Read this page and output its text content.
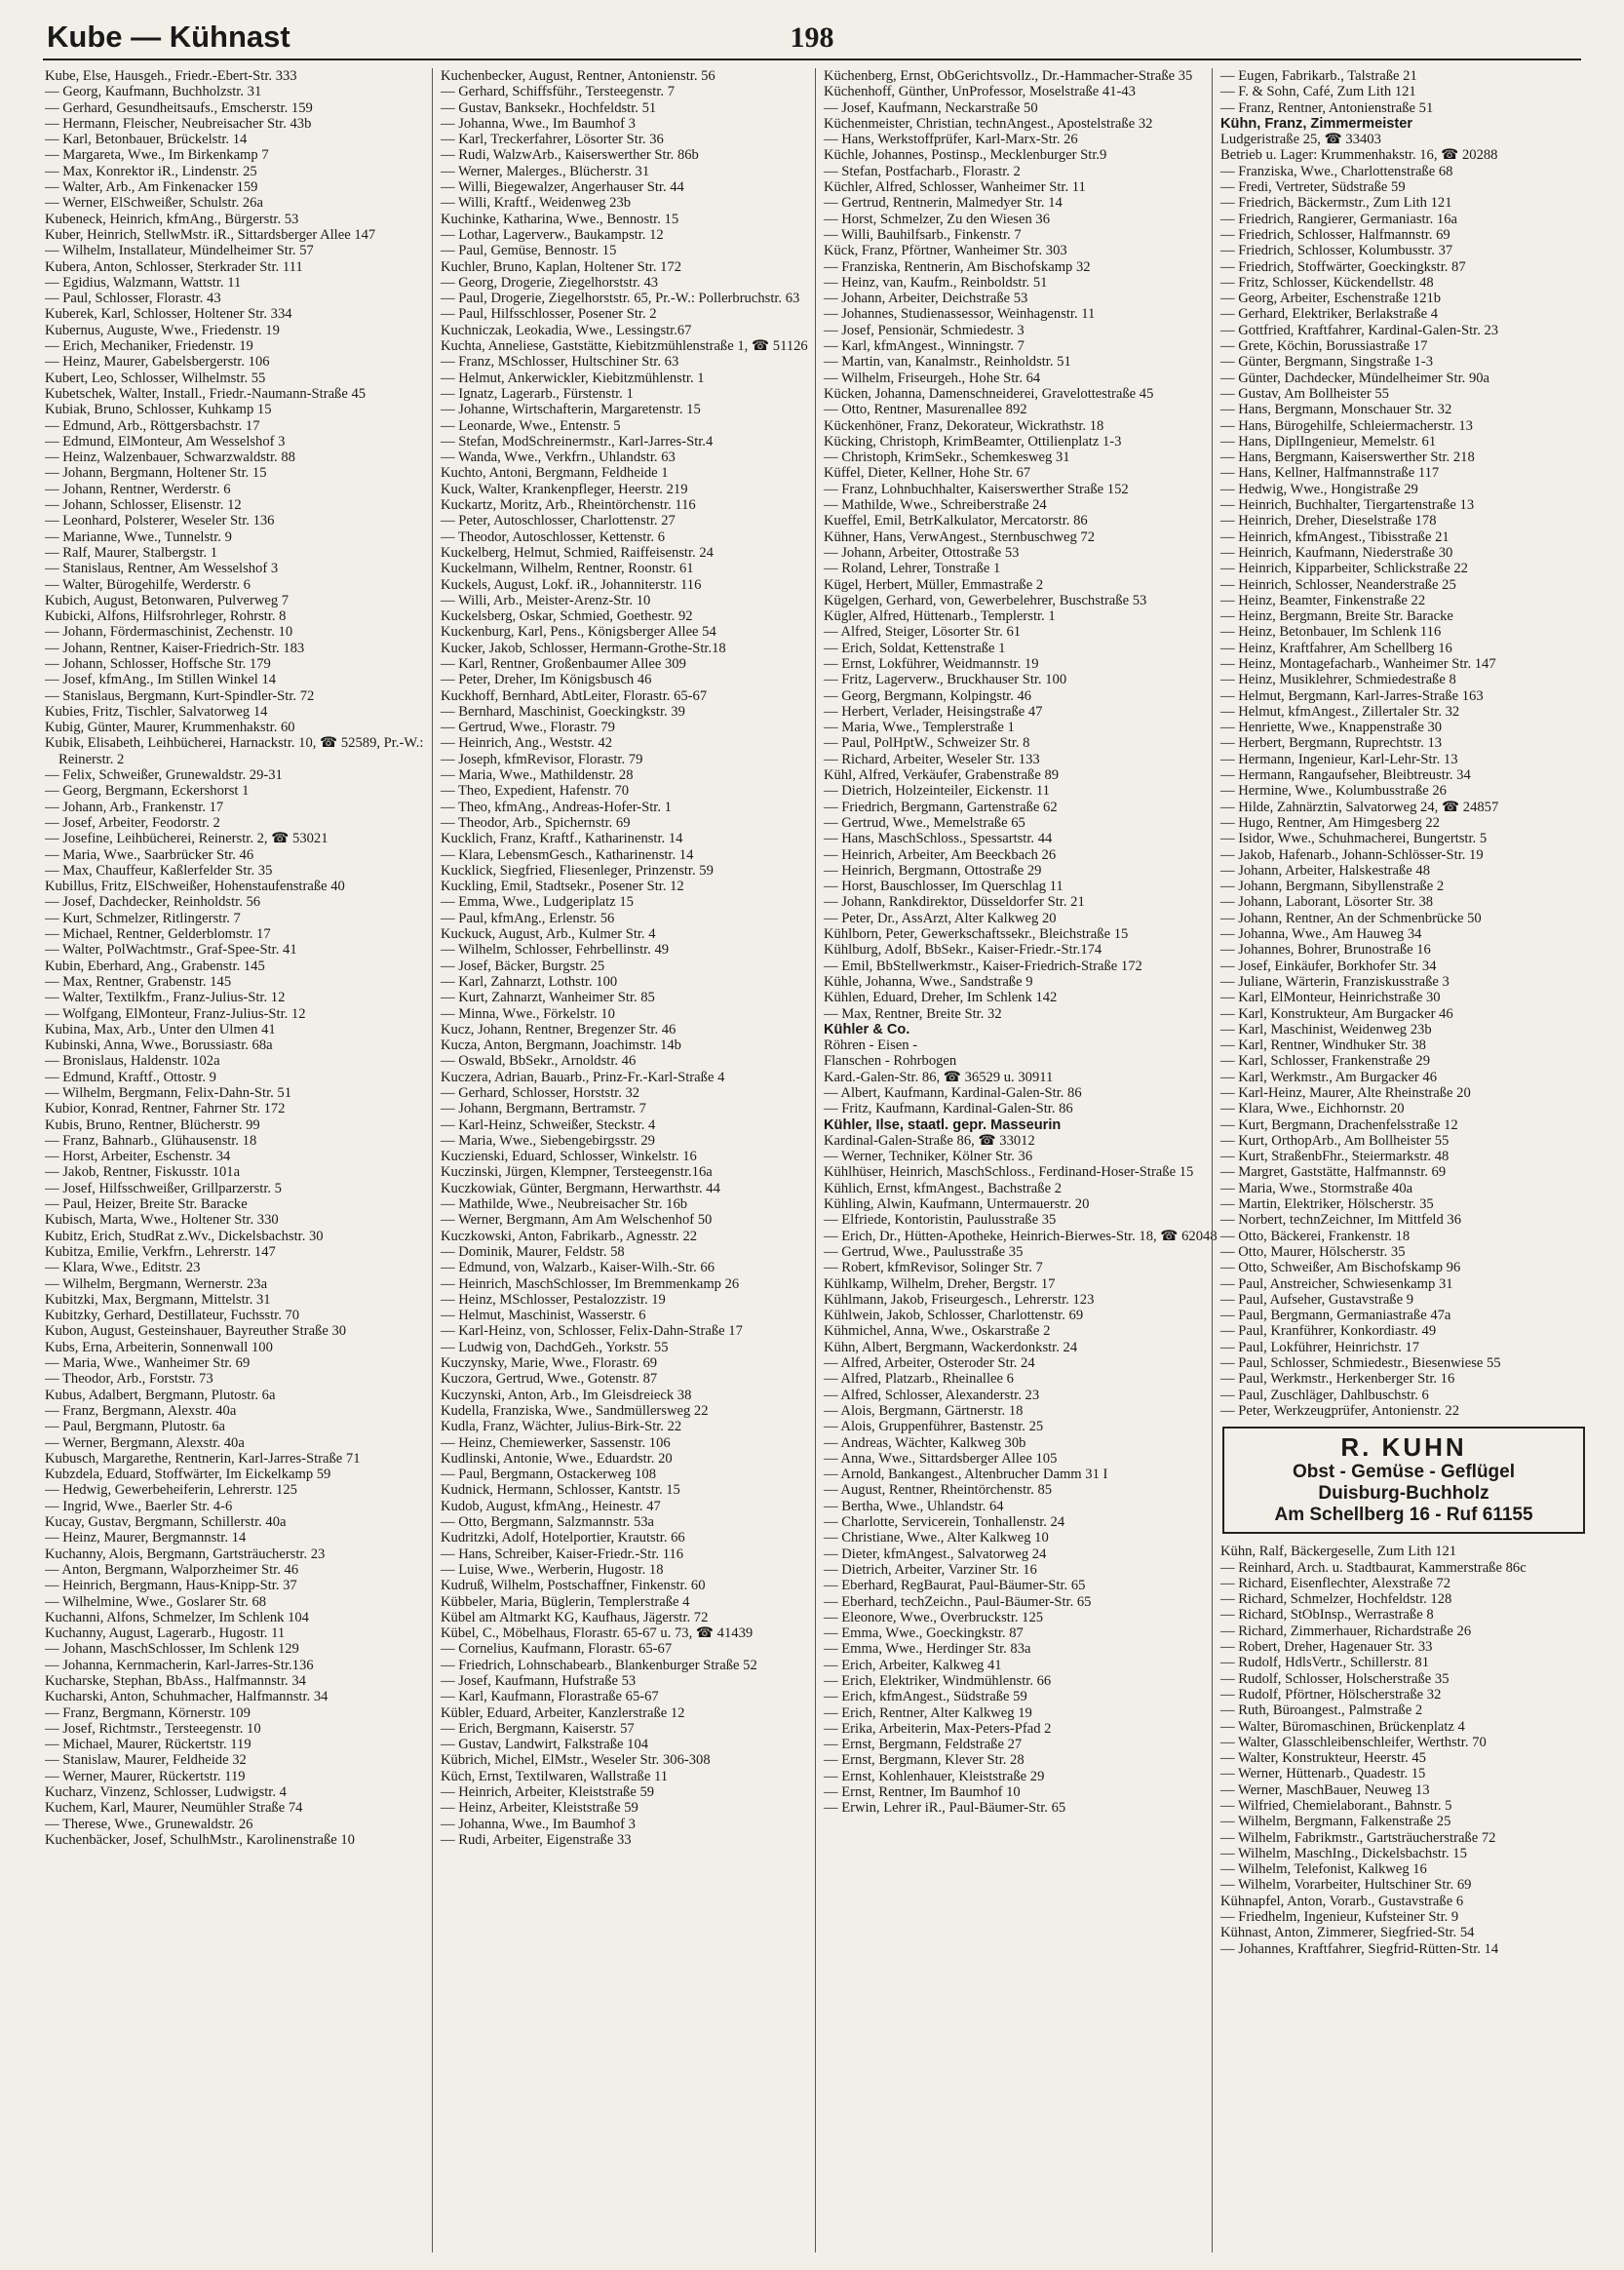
Kube — Kühnast	198
Kube, Else, Hausgeh., Friedr.-Ebert-Str. 333
— Georg, Kaufmann, Buchholzstr. 31
— Gerhard, Gesundheitsaufs., Emscherstr. 159
— Hermann, Fleischer, Neubreisacher Str. 43b
— Karl, Betonbauer, Brückelstr. 14
— Margareta, Wwe., Im Birkenkamp 7
— Max, Konrektor iR., Lindenstr. 25
— Walter, Arb., Am Finkenacker 159
— Werner, ElSchweißer, Schulstr. 26a
Kubeneck, Heinrich, kfmAng., Bürgerstr. 53
Kuber, Heinrich, StellwMstr. iR., Sittardsberger Allee 147
— Wilhelm, Installateur, Mündelheimer Str. 57
Kubera, Anton, Schlosser, Sterkrader Str. 111
— Egidius, Walzmann, Wattstr. 11
— Paul, Schlosser, Florastr. 43
Kuberek, Karl, Schlosser, Holtener Str. 334
Kubernus, Auguste, Wwe., Friedenstr. 19
— Erich, Mechaniker, Friedenstr. 19
— Heinz, Maurer, Gabelsbergerstr. 106
Kubert, Leo, Schlosser, Wilhelmstr. 55
Kubetschek, Walter, Install., Friedr.-Naumann-Straße 45
Kubiak, Bruno, Schlosser, Kuhkamp 15
— Edmund, Arb., Röttgersbachstr. 17
— Edmund, ElMonteur, Am Wesselshof 3
— Heinz, Walzenbauer, Schwarzwaldstr. 88
— Johann, Bergmann, Holtener Str. 15
— Johann, Rentner, Werderstr. 6
— Johann, Schlosser, Elisenstr. 12
— Leonhard, Polsterer, Weseler Str. 136
— Marianne, Wwe., Tunnelstr. 9
— Ralf, Maurer, Stalbergstr. 1
— Stanislaus, Rentner, Am Wesselshof 3
— Walter, Bürogehilfe, Werderstr. 6
Kubich, August, Betonwaren, Pulverweg 7
Kubicki, Alfons, Hilfsrohrleger, Rohrstr. 8
— Johann, Fördermaschinist, Zechenstr. 10
— Johann, Rentner, Kaiser-Friedrich-Str. 183
— Johann, Schlosser, Hoffsche Str. 179
— Josef, kfmAng., Im Stillen Winkel 14
— Stanislaus, Bergmann, Kurt-Spindler-Str. 72
Kubies, Fritz, Tischler, Salvatorweg 14
Kubig, Günter, Maurer, Krummenhakstr. 60
Kubik, Elisabeth, Leihbücherei, Harnackstr. 10, ☎ 52589, Pr.-W.: Reinerstr. 2
— Felix, Schweißer, Grunewaldstr. 29-31
— Georg, Bergmann, Eckershorst 1
— Johann, Arb., Frankenstr. 17
— Josef, Arbeiter, Feodorstr. 2
— Josefine, Leihbücherei, Reinerstr. 2, ☎ 53021
— Maria, Wwe., Saarbrücker Str. 46
— Max, Chauffeur, Kaßlerfelder Str. 35
Kubillus, Fritz, ElSchweißer, Hohenstaufenstraße 40
— Josef, Dachdecker, Reinholdstr. 56
— Kurt, Schmelzer, Ritlingerstr. 7
— Michael, Rentner, Gelderblomstr. 17
— Walter, PolWachtmstr., Graf-Spee-Str. 41
Kubin, Eberhard, Ang., Grabenstr. 145
— Max, Rentner, Grabenstr. 145
— Walter, Textilkfm., Franz-Julius-Str. 12
— Wolfgang, ElMonteur, Franz-Julius-Str. 12
Kubina, Max, Arb., Unter den Ulmen 41
Kubinski, Anna, Wwe., Borussiastr. 68a
— Bronislaus, Haldenstr. 102a
— Edmund, Kraftf., Ottostr. 9
— Wilhelm, Bergmann, Felix-Dahn-Str. 51
Kubior, Konrad, Rentner, Fahrner Str. 172
Kubis, Bruno, Rentner, Blücherstr. 99
— Franz, Bahnarb., Glühausenstr. 18
— Horst, Arbeiter, Eschenstr. 34
— Jakob, Rentner, Fiskusstr. 101a
— Josef, Hilfsschweißer, Grillparzerstr. 5
— Paul, Heizer, Breite Str. Baracke
Kubisch, Marta, Wwe., Holtener Str. 330
Kubitz, Erich, StudRat z.Wv., Dickelsbachstr. 30
Kubitza, Emilie, Verkfrn., Lehrerstr. 147
— Klara, Wwe., Editstr. 23
— Wilhelm, Bergmann, Wernerstr. 23a
Kubitzki, Max, Bergmann, Mittelstr. 31
Kubitzky, Gerhard, Destillateur, Fuchsstr. 70
Kubon, August, Gesteinshauer, Bayreuther Straße 30
Kubs, Erna, Arbeiterin, Sonnenwall 100
— Maria, Wwe., Wanheimer Str. 69
— Theodor, Arb., Forststr. 73
Kubus, Adalbert, Bergmann, Plutostr. 6a
— Franz, Bergmann, Alexstr. 40a
— Paul, Bergmann, Plutostr. 6a
— Werner, Bergmann, Alexstr. 40a
Kubusch, Margarethe, Rentnerin, Karl-Jarres-Straße 71
Kubzdela, Eduard, Stoffwärter, Im Eickelkamp 59
— Hedwig, Gewerbeheiferin, Lehrerstr. 125
— Ingrid, Wwe., Baerler Str. 4-6
Kucay, Gustav, Bergmann, Schillerstr. 40a
— Heinz, Maurer, Bergmannstr. 14
Kuchanny, Alois, Bergmann, Gartsträucherstr. 23
— Anton, Bergmann, Walporzheimer Str. 46
— Heinrich, Bergmann, Haus-Knipp-Str. 37
— Wilhelmine, Wwe., Goslarer Str. 68
Kuchanni, Alfons, Schmelzer, Im Schlenk 104
Kuchanny, August, Lagerarb., Hugostr. 11
— Johann, MaschSchlosser, Im Schlenk 129
— Johanna, Kernmacherin, Karl-Jarres-Str.136
Kucharske, Stephan, BbAss., Halfmannstr. 34
Kucharski, Anton, Schuhmacher, Halfmannstr. 34
— Franz, Bergmann, Körnerstr. 109
— Josef, Richtmstr., Tersteegenstr. 10
— Michael, Maurer, Rückertstr. 119
— Stanislaw, Maurer, Feldheide 32
— Werner, Maurer, Rückertstr. 119
Kucharz, Vinzenz, Schlosser, Ludwigstr. 4
Kuchem, Karl, Maurer, Neumühler Straße 74
— Therese, Wwe., Grunewaldstr. 26
Kuchenbäcker, Josef, SchulhMstr., Karolinenstraße 10
Kuchenbecker, August, Rentner, Antonienstr. 56
— Gerhard, Schiffsführ., Tersteegenstr. 7
— Gustav, Banksekr., Hochfeldstr. 51
— Johanna, Wwe., Im Baumhof 3
— Karl, Treckerfahrer, Lösorter Str. 36
— Rudi, WalzwArb., Kaiserswerther Str. 86b
— Werner, Malerges., Blücherstr. 31
— Willi, Biegewalzer, Angerhauser Str. 44
— Willi, Kraftf., Weidenweg 23b
Kuchinke, Katharina, Wwe., Bennostr. 15
— Lothar, Lagerverw., Baukampstr. 12
— Paul, Gemüse, Bennostr. 15
Kuchler, Bruno, Kaplan, Holtener Str. 172
— Georg, Drogerie, Ziegelhorststr. 43
— Paul, Drogerie, Ziegelhorststr. 65, Pr.-W.: Pollerbruchstr. 63
— Paul, Hilfsschlosser, Posener Str. 2
Kuchniczak, Leokadia, Wwe., Lessingstr.67
Kuchta, Anneliese, Gaststätte, Kiebitzmühlenstraße 1, ☎ 51126
— Franz, MSchlosser, Hultschiner Str. 63
— Helmut, Ankerwickler, Kiebitzmühlenstr. 1
— Ignatz, Lagerarb., Fürstenstr. 1
— Johanne, Wirtschafterin, Margaretenstr. 15
— Leonarde, Wwe., Entenstr. 5
— Stefan, ModSchreinermstr., Karl-Jarres-Str.4
— Wanda, Wwe., Verkfrn., Uhlandstr. 63
Kuchto, Antoni, Bergmann, Feldheide 1
Kuck, Walter, Krankenpfleger, Heerstr. 219
Kuckartz, Moritz, Arb., Rheintörchenstr. 116
— Peter, Autoschlosser, Charlottenstr. 27
— Theodor, Autoschlosser, Kettenstr. 6
Kuckelberg, Helmut, Schmied, Raiffeisenstr. 24
Kuckelmann, Wilhelm, Rentner, Roonstr. 61
Kuckels, August, Lokf. iR., Johanniterstr. 116
— Willi, Arb., Meister-Arenz-Str. 10
Kuckelsberg, Oskar, Schmied, Goethestr. 92
Kuckenburg, Karl, Pens., Königsberger Allee 54
Kucker, Jakob, Schlosser, Hermann-Grothe-Str.18
— Karl, Rentner, Großenbaumer Allee 309
— Peter, Dreher, Im Königsbusch 46
Kuckhoff, Bernhard, AbtLeiter, Florastr. 65-67
— Bernhard, Maschinist, Goeckingkstr. 39
— Gertrud, Wwe., Florastr. 79
— Heinrich, Ang., Weststr. 42
— Joseph, kfmRevisor, Florastr. 79
— Maria, Wwe., Mathildenstr. 28
— Theo, Expedient, Hafenstr. 70
— Theo, kfmAng., Andreas-Hofer-Str. 1
— Theodor, Arb., Spichernstr. 69
Kucklich, Franz, Kraftf., Katharinenstr. 14
— Klara, LebensmGesch., Katharinenstr. 14
Kucklick, Siegfried, Fliesenleger, Prinzenstr. 59
Kuckling, Emil, Stadtsekr., Posener Str. 12
— Emma, Wwe., Ludgeriplatz 15
— Paul, kfmAng., Erlenstr. 56
Kuckuck, August, Arb., Kulmer Str. 4
— Wilhelm, Schlosser, Fehrbellinstr. 49
— Josef, Bäcker, Burgstr. 25
— Karl, Zahnarzt, Lothstr. 100
— Kurt, Zahnarzt, Wanheimer Str. 85
— Minna, Wwe., Förkelstr. 10
Kucz, Johann, Rentner, Bregenzer Str. 46
Kucza, Anton, Bergmann, Joachimstr. 14b
— Oswald, BbSekr., Arnoldstr. 46
Kuczera, Adrian, Bauarb., Prinz-Fr.-Karl-Straße 4
— Gerhard, Schlosser, Horststr. 32
— Johann, Bergmann, Bertramstr. 7
— Karl-Heinz, Schweißer, Steckstr. 4
— Maria, Wwe., Siebengebirgsstr. 29
Kuczienski, Eduard, Schlosser, Winkelstr. 16
Kuczinski, Jürgen, Klempner, Tersteegenstr.16a
Kuczkowiak, Günter, Bergmann, Herwarthstr. 44
— Mathilde, Wwe., Neubreisacher Str. 16b
— Werner, Bergmann, Am Am Welschenhof 50
Kuczkowski, Anton, Fabrikarb., Agnesstr. 22
— Dominik, Maurer, Feldstr. 58
— Edmund, von, Walzarb., Kaiser-Wilh.-Str. 66
— Heinrich, MaschSchlosser, Im Bremmenkamp 26
— Heinz, MSchlosser, Pestalozzistr. 19
— Helmut, Maschinist, Wasserstr. 6
— Karl-Heinz, von, Schlosser, Felix-Dahn-Straße 17
— Ludwig von, DachdGeh., Yorkstr. 55
Kuczynsky, Marie, Wwe., Florastr. 69
Kuczora, Gertrud, Wwe., Gotenstr. 87
Kuczynski, Anton, Arb., Im Gleisdreieck 38
Kudella, Franziska, Wwe., Sandmüllersweg 22
Kudla, Franz, Wächter, Julius-Birk-Str. 22
— Heinz, Chemiewerker, Sassenstr. 106
Kudlinski, Antonie, Wwe., Eduardstr. 20
— Paul, Bergmann, Ostackerweg 108
Kudnick, Hermann, Schlosser, Kantstr. 15
Kudob, August, kfmAng., Heinestr. 47
— Otto, Bergmann, Salzmannstr. 53a
Kudritzki, Adolf, Hotelportier, Krautstr. 66
— Hans, Schreiber, Kaiser-Friedr.-Str. 116
— Luise, Wwe., Werberin, Hugostr. 18
Kudruß, Wilhelm, Postschaffner, Finkenstr. 60
Kübbeler, Maria, Büglerin, Templerstraße 4
Kübel am Altmarkt KG, Kaufhaus, Jägerstr. 72
Kübel, C., Möbelhaus, Florastr. 65-67 u. 73, ☎ 41439
— Cornelius, Kaufmann, Florastr. 65-67
— Friedrich, Lohnschabearb., Blankenburger Straße 52
— Josef, Kaufmann, Hufstraße 53
— Karl, Kaufmann, Florastraße 65-67
Kübler, Eduard, Arbeiter, Kanzlerstraße 12
— Erich, Bergmann, Kaiserstr. 57
— Gustav, Landwirt, Falkstraße 104
Kübrich, Michel, ElMstr., Weseler Str. 306-308
Küch, Ernst, Textilwaren, Wallstraße 11
— Heinrich, Arbeiter, Kleiststraße 59
— Heinz, Arbeiter, Kleiststraße 59
— Johanna, Wwe., Im Baumhof 3
— Rudi, Arbeiter, Eigenstraße 33
Küchenberg, Ernst, ObGerichtsvollz., Dr.-Hammacher-Straße 35
Küchenhoff, Günther, UnProfessor, Moselstraße 41-43
— Josef, Kaufmann, Neckarstraße 50
Küchenmeister, Christian, technAngest., Apostelstraße 32
— Hans, Werkstoffprüfer, Karl-Marx-Str. 26
Küchle, Johannes, Postinsp., Mecklenburger Str.9
— Stefan, Postfacharb., Florastr. 2
Küchler, Alfred, Schlosser, Wanheimer Str. 11
— Gertrud, Rentnerin, Malmedyer Str. 14
— Horst, Schmelzer, Zu den Wiesen 36
— Willi, Bauhilfsarb., Finkenstr. 7
Kück, Franz, Pförtner, Wanheimer Str. 303
— Franziska, Rentnerin, Am Bischofskamp 32
— Heinz, van, Kaufm., Reinboldstr. 51
— Johann, Arbeiter, Deichstraße 53
— Johannes, Studienassessor, Weinhagenstr. 11
— Josef, Pensionär, Schmiedestr. 3
— Karl, kfmAngest., Winningstr. 7
— Martin, van, Kanalmstr., Reinholdstr. 51
— Wilhelm, Friseurgeh., Hohe Str. 64
Kücken, Johanna, Damenschneiderei, Gravelottestraße 45
— Otto, Rentner, Masurenallee 892
Kückenhöner, Franz, Dekorateur, Wickrathstr. 18
Kücking, Christoph, KrimBeamter, Ottilienplatz 1-3
— Christoph, KrimSekr., Schemkesweg 31
Küffel, Dieter, Kellner, Hohe Str. 67
— Franz, Lohnbuchhalter, Kaiserswerther Straße 152
— Mathilde, Wwe., Schreiberstraße 24
Kueffel, Emil, BetrKalkulator, Mercatorstr. 86
Kühner, Hans, VerwAngest., Sternbuschweg 72
— Johann, Arbeiter, Ottostraße 53
— Roland, Lehrer, Tonstraße 1
Kügel, Herbert, Müller, Emmastraße 2
Kügelgen, Gerhard, von, Gewerbelehrer, Buschstraße 53
Kügler, Alfred, Hüttenarb., Templerstr. 1
— Alfred, Steiger, Lösorter Str. 61
— Erich, Soldat, Kettenstraße 1
— Ernst, Lokführer, Weidmannstr. 19
— Fritz, Lagerverw., Bruckhauser Str. 100
— Georg, Bergmann, Kolpingstr. 46
— Herbert, Verlader, Heisingstraße 47
— Maria, Wwe., Templerstraße 1
— Paul, PolHptW., Schweizer Str. 8
— Richard, Arbeiter, Weseler Str. 133
Kühl, Alfred, Verkäufer, Grabenstraße 89
— Dietrich, Holzeinteiler, Eickenstr. 11
— Friedrich, Bergmann, Gartenstraße 62
— Gertrud, Wwe., Memelstraße 65
— Hans, MaschSchloss., Spessartstr. 44
— Heinrich, Arbeiter, Am Beeckbach 26
— Heinrich, Bergmann, Ottostraße 29
— Horst, Bauschlosser, Im Querschlag 11
— Johann, Rankdirektor, Düsseldorfer Str. 21
— Peter, Dr., AssArzt, Alter Kalkweg 20
Kühlborn, Peter, Gewerkschaftssekr., Bleichstraße 15
Kühlburg, Adolf, BbSekr., Kaiser-Friedr.-Str.174
— Emil, BbStellwerkmstr., Kaiser-Friedrich-Straße 172
Kühle, Johanna, Wwe., Sandstraße 9
Kühlen, Eduard, Dreher, Im Schlenk 142
— Max, Rentner, Breite Str. 32
Kühler & Co.
Röhren - Eisen -
Flanschen - Rohrbogen
Kard.-Galen-Str. 86, ☎ 36529 u. 30911
— Albert, Kaufmann, Kardinal-Galen-Str. 86
— Fritz, Kaufmann, Kardinal-Galen-Str. 86
Kühler, Ilse, staatl. gepr. Masseurin
Kardinal-Galen-Straße 86, ☎ 33012
— Werner, Techniker, Kölner Str. 36
Kühlhüser, Heinrich, MaschSchloss., Ferdinand-Hoser-Straße 15
Kühlich, Ernst, kfmAngest., Bachstraße 2
Kühling, Alwin, Kaufmann, Untermauerstr. 20
— Elfriede, Kontoristin, Paulusstraße 35
— Erich, Dr., Hütten-Apotheke, Heinrich-Bierwes-Str. 18, ☎ 62048
— Gertrud, Wwe., Paulusstraße 35
— Robert, kfmRevisor, Solinger Str. 7
Kühlkamp, Wilhelm, Dreher, Bergstr. 17
Kühlmann, Jakob, Friseurgesch., Lehrerstr. 123
Kühlwein, Jakob, Schlosser, Charlottenstr. 69
Kühmichel, Anna, Wwe., Oskarstraße 2
Kühn, Albert, Bergmann, Wackerdonkstr. 24
— Alfred, Arbeiter, Osteroder Str. 24
— Alfred, Platzarb., Rheinallee 6
— Alfred, Schlosser, Alexanderstr. 23
— Alois, Bergmann, Gärtnerstr. 18
— Alois, Gruppenführer, Bastenstr. 25
— Andreas, Wächter, Kalkweg 30b
— Anna, Wwe., Sittardsberger Allee 105
— Arnold, Bankangest., Altenbrucher Damm 31 I
— August, Rentner, Rheintörchenstr. 85
— Bertha, Wwe., Uhlandstr. 64
— Charlotte, Servicerein, Tonhallenstr. 24
— Christiane, Wwe., Alter Kalkweg 10
— Dieter, kfmAngest., Salvatorweg 24
— Dietrich, Arbeiter, Varziner Str. 16
— Eberhard, RegBaurat, Paul-Bäumer-Str. 65
— Eberhard, techZeichn., Paul-Bäumer-Str. 65
— Eleonore, Wwe., Overbruckstr. 125
— Emma, Wwe., Goeckingkstr. 87
— Emma, Wwe., Herdinger Str. 83a
— Erich, Arbeiter, Kalkweg 41
— Erich, Elektriker, Windmühlenstr. 66
— Erich, kfmAngest., Südstraße 59
— Erich, Rentner, Alter Kalkweg 19
— Erika, Arbeiterin, Max-Peters-Pfad 2
— Ernst, Bergmann, Feldstraße 27
— Ernst, Bergmann, Klever Str. 28
— Ernst, Kohlenhauer, Kleiststraße 29
— Ernst, Rentner, Im Baumhof 10
— Erwin, Lehrer iR., Paul-Bäumer-Str. 65
— Eugen, Fabrikarb., Talstraße 21
— F. & Sohn, Café, Zum Lith 121
— Franz, Rentner, Antonienstraße 51
Kühn, Franz, Zimmermeister
Ludgeristraße 25, ☎ 33403
Betrieb u. Lager: Krummenhakstr. 16, ☎ 20288
— Franziska, Wwe., Charlottenstraße 68
— Fredi, Vertreter, Südstraße 59
— Friedrich, Bäckermstr., Zum Lith 121
— Friedrich, Rangierer, Germaniastr. 16a
— Friedrich, Schlosser, Halfmannstr. 69
— Friedrich, Schlosser, Kolumbusstr. 37
— Friedrich, Stoffwärter, Goeckingkstr. 87
— Fritz, Schlosser, Kückendellstr. 48
— Georg, Arbeiter, Eschenstraße 121b
— Gerhard, Elektriker, Berlakstraße 4
— Gottfried, Kraftfahrer, Kardinal-Galen-Str. 23
— Grete, Köchin, Borussiastraße 17
— Günter, Bergmann, Singstraße 1-3
— Günter, Dachdecker, Mündelheimer Str. 90a
— Gustav, Am Bollheister 55
— Hans, Bergmann, Monschauer Str. 32
— Hans, Bürogehilfe, Schleiermacherstr. 13
— Hans, DiplIngenieur, Memelstr. 61
— Hans, Bergmann, Kaiserswerther Str. 218
— Hans, Kellner, Halfmannstraße 117
— Hedwig, Wwe., Hongistraße 29
— Heinrich, Buchhalter, Tiergartenstraße 13
— Heinrich, Dreher, Dieselstraße 178
— Heinrich, kfmAngest., Tibisstraße 21
— Heinrich, Kaufmann, Niederstraße 30
— Heinrich, Kipparbeiter, Schlickstraße 22
— Heinrich, Schlosser, Neanderstraße 25
— Heinz, Beamter, Finkenstraße 22
— Heinz, Bergmann, Breite Str. Baracke
— Heinz, Betonbauer, Im Schlenk 116
— Heinz, Kraftfahrer, Am Schellberg 16
— Heinz, Montagefacharb., Wanheimer Str. 147
— Heinz, Musiklehrer, Schmiedestraße 8
— Helmut, Bergmann, Karl-Jarres-Straße 163
— Helmut, kfmAngest., Zillertaler Str. 32
— Henriette, Wwe., Knappenstraße 30
— Herbert, Bergmann, Ruprechtstr. 13
— Hermann, Ingenieur, Karl-Lehr-Str. 13
— Hermann, Rangaufseher, Bleibtreustr. 34
— Hermine, Wwe., Kolumbusstraße 26
— Hilde, Zahnärztin, Salvatorweg 24, ☎ 24857
— Hugo, Rentner, Am Himgesberg 22
— Isidor, Wwe., Schuhmacherei, Bungertstr. 5
— Jakob, Hafenarb., Johann-Schlösser-Str. 19
— Johann, Arbeiter, Halskestraße 48
— Johann, Bergmann, Sibyllenstraße 2
— Johann, Laborant, Lösorter Str. 38
— Johann, Rentner, An der Schmenbrücke 50
— Johanna, Wwe., Am Hauweg 34
— Johannes, Bohrer, Brunostraße 16
— Josef, Einkäufer, Borkhofer Str. 34
— Juliane, Wärterin, Franziskusstraße 3
— Karl, ElMonteur, Heinrichstraße 30
— Karl, Konstrukteur, Am Burgacker 46
— Karl, Maschinist, Weidenweg 23b
— Karl, Rentner, Windhuker Str. 38
— Karl, Schlosser, Frankenstraße 29
— Karl, Werkmstr., Am Burgacker 46
— Karl-Heinz, Maurer, Alte Rheinstraße 20
— Klara, Wwe., Eichhornstr. 20
— Kurt, Bergmann, Drachenfelsstraße 12
— Kurt, OrthopArb., Am Bollheister 55
— Kurt, StraßenbFhr., Steiermarkstr. 48
— Margret, Gaststätte, Halfmannstr. 69
— Maria, Wwe., Stormstraße 40a
— Martin, Elektriker, Hölscherstr. 35
— Norbert, technZeichner, Im Mittfeld 36
— Otto, Bäckerei, Frankenstr. 18
— Otto, Maurer, Hölscherstr. 35
— Otto, Schweißer, Am Bischofskamp 96
— Paul, Anstreicher, Schwiesenkamp 31
— Paul, Aufseher, Gustavstraße 9
— Paul, Bergmann, Germaniastraße 47a
— Paul, Kranführer, Konkordiastr. 49
— Paul, Lokführer, Heinrichstr. 17
— Paul, Schlosser, Schmiedestr., Biesenwiese 55
— Paul, Werkmstr., Herkenberger Str. 16
— Paul, Zuschläger, Dahlbuschstr. 6
— Peter, Werkzeugprüfer, Antonienstr. 22
R. KUHN
Obst - Gemüse - Geflügel
Duisburg-Buchholz
Am Schellberg 16 - Ruf 61155
Kühn, Ralf, Bäckergeselle, Zum Lith 121
— Reinhard, Arch. u. Stadtbaurat, Kammerstraße 86c
— Richard, Eisenflechter, Alexstraße 72
— Richard, Schmelzer, Hochfeldstr. 128
— Richard, StObInsp., Werrastraße 8
— Richard, Zimmerhauer, Richardstraße 26
— Robert, Dreher, Hagenauer Str. 33
— Rudolf, HdlsVertr., Schillerstr. 81
— Rudolf, Schlosser, Holscherstraße 35
— Rudolf, Pförtner, Hölscherstraße 32
— Ruth, Büroangest., Palmstraße 2
— Walter, Büromaschinen, Brückenplatz 4
— Walter, Glasschleibenschleifer, Werthstr. 70
— Walter, Konstrukteur, Heerstr. 45
— Werner, Hüttenarb., Quadestr. 15
— Werner, MaschBauer, Neuweg 13
— Wilfried, Chemielaborant., Bahnstr. 5
— Wilhelm, Bergmann, Falkenstraße 25
— Wilhelm, Fabrikmstr., Gartsträucherstraße 72
— Wilhelm, MaschIng., Dickelsbachstr. 15
— Wilhelm, Telefonist, Kalkweg 16
— Wilhelm, Vorarbeiter, Hultschiner Str. 69
Kühnapfel, Anton, Vorarb., Gustavstraße 6
— Friedhelm, Ingenieur, Kufsteiner Str. 9
Kühnast, Anton, Zimmerer, Siegfried-Str. 54
— Johannes, Kraftfahrer, Siegfrid-Rütten-Str. 14
